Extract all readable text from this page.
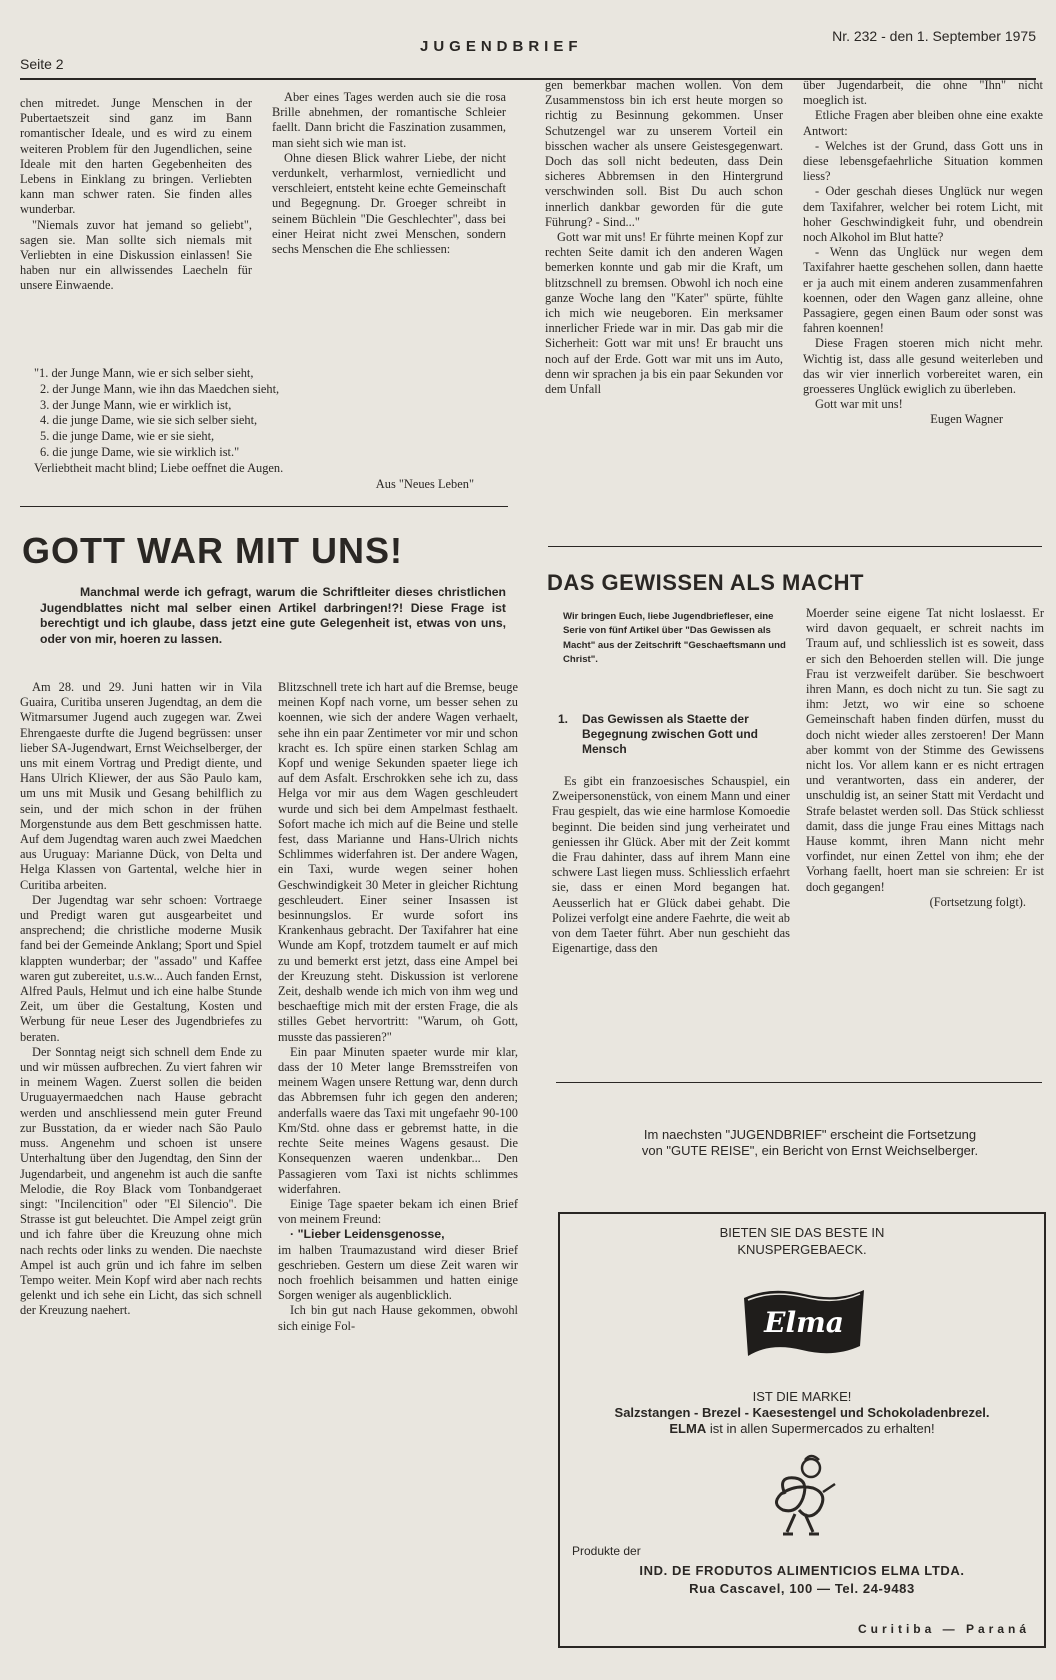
Seite 2
JUGENDBRIEF
Nr. 232 - den 1. September 1975

chen mitredet. Junge Menschen in der Pubertaetszeit sind ganz im Bann romantischer Ideale, und es wird zu einem weiteren Problem für den Jugendlichen, seine Ideale mit den harten Gegebenheiten des Lebens in Einklang zu bringen. Verliebten kann man schwer raten. Sie finden alles wunderbar.

"Niemals zuvor hat jemand so geliebt", sagen sie. Man sollte sich niemals mit Verliebten in eine Diskussion einlassen! Sie haben nur ein allwissendes Laecheln für unsere Einwaende.

Aber eines Tages werden auch sie die rosa Brille abnehmen, der romantische Schleier faellt. Dann bricht die Faszination zusammen, man sieht sich wie man ist.

Ohne diesen Blick wahrer Liebe, der nicht verdunkelt, verharmlost, verniedlicht und verschleiert, entsteht keine echte Gemeinschaft und Begegnung. Dr. Groeger schreibt in seinem Büchlein "Die Geschlechter", dass bei einer Heirat nicht zwei Menschen, sondern sechs Menschen die Ehe schliessen:

"1. der Junge Mann, wie er sich selber sieht,
2. der Junge Mann, wie ihn das Maedchen sieht,
3. der Junge Mann, wie er wirklich ist,
4. die junge Dame, wie sie sich selber sieht,
5. die junge Dame, wie er sie sieht,
6. die junge Dame, wie sie wirklich ist."
Verliebtheit macht blind; Liebe oeffnet die Augen.
Aus "Neues Leben"

gen bemerkbar machen wollen. Von dem Zusammenstoss bin ich erst heute morgen so richtig zu Besinnung gekommen. Unser Schutzengel war zu unserem Vorteil ein bisschen wacher als unsere Geistesgegenwart. Doch das soll nicht bedeuten, dass Dein sicheres Abbremsen in den Hintergrund verschwinden soll. Bist Du auch schon innerlich dankbar geworden für die gute Führung? - Sind..."

Gott war mit uns! Er führte meinen Kopf zur rechten Seite damit ich den anderen Wagen bemerken konnte und gab mir die Kraft, um blitzschnell zu bremsen. Obwohl ich noch eine ganze Woche lang den "Kater" spürte, fühlte ich mich wie neugeboren. Ein merksamer innerlicher Friede war in mir. Das gab mir die Sicherheit: Gott war mit uns! Er braucht uns noch auf der Erde. Gott war mit uns im Auto, denn wir sprachen ja bis ein paar Sekunden vor dem Unfall

über Jugendarbeit, die ohne "Ihn" nicht moeglich ist.

Etliche Fragen aber bleiben ohne eine exakte Antwort:

- Welches ist der Grund, dass Gott uns in diese lebensgefaehrliche Situation kommen liess?

- Oder geschah dieses Unglück nur wegen dem Taxifahrer, welcher bei rotem Licht, mit hoher Geschwindigkeit fuhr, und obendrein noch Alkohol im Blut hatte?

- Wenn das Unglück nur wegen dem Taxifahrer haette geschehen sollen, dann haette er ja auch mit einem anderen zusammenfahren koennen, oder den Wagen ganz alleine, ohne Passagiere, gegen einen Baum oder sonst was fahren koennen!

Diese Fragen stoeren mich nicht mehr. Wichtig ist, dass alle gesund weiterleben und das wir vier innerlich vorbereitet waren, ein groesseres Unglück ewiglich zu überleben.

Gott war mit uns!

Eugen Wagner

GOTT WAR MIT UNS!
Manchmal werde ich gefragt, warum die Schriftleiter dieses christlichen Jugendblattes nicht mal selber einen Artikel darbringen!?! Diese Frage ist berechtigt und ich glaube, dass jetzt eine gute Gelegenheit ist, etwas von uns, oder von mir, hoeren zu lassen.

Am 28. und 29. Juni hatten wir in Vila Guaira, Curitiba unseren Jugendtag, an dem die Witmarsumer Jugend auch zugegen war. Zwei Ehrengaeste durfte die Jugend begrüssen: unser lieber SA-Jugendwart, Ernst Weichselberger, der uns mit einem Vortrag und Predigt diente, und Hans Ulrich Kliewer, der aus São Paulo kam, um uns mit Musik und Gesang behilflich zu sein, und der mich schon in der frühen Morgenstunde aus dem Bett geschmissen hatte. Auf dem Jugendtag waren auch zwei Maedchen aus Uruguay: Marianne Dück, von Delta und Helga Klassen von Gartental, welche hier in Curitiba arbeiten.

Der Jugendtag war sehr schoen: Vortraege und Predigt waren gut ausgearbeitet und ansprechend; die christliche moderne Musik fand bei der Gemeinde Anklang; Sport und Spiel klappten wunderbar; der "assado" und Kaffee waren gut zubereitet, u.s.w... Auch fanden Ernst, Alfred Pauls, Helmut und ich eine halbe Stunde Zeit, um über die Gestaltung, Kosten und Werbung für neue Leser des Jugendbriefes zu beraten.

Der Sonntag neigt sich schnell dem Ende zu und wir müssen aufbrechen. Zu viert fahren wir in meinem Wagen. Zuerst sollen die beiden Uruguayermaedchen nach Hause gebracht werden und anschliessend mein guter Freund zur Busstation, da er wieder nach São Paulo muss. Angenehm und schoen ist unsere Unterhaltung über den Jugendtag, den Sinn der Jugendarbeit, und angenehm ist auch die sanfte Melodie, die Roy Black vom Tonbandgeraet singt: "Incilencition" oder "El Silencio". Die Strasse ist gut beleuchtet. Die Ampel zeigt grün und ich fahre über die Kreuzung ohne mich nach rechts oder links zu wenden. Die naechste Ampel ist auch grün und ich fahre im selben Tempo weiter. Mein Kopf wird aber nach rechts gelenkt und ich sehe ein Licht, das sich schnell der Kreuzung naehert.

Blitzschnell trete ich hart auf die Bremse, beuge meinen Kopf nach vorne, um besser sehen zu koennen, wie sich der andere Wagen verhaelt, sehe ihn ein paar Zentimeter vor mir und schon kracht es. Ich spüre einen starken Schlag am Kopf und wenige Sekunden spaeter liege ich auf dem Asfalt. Erschrokken sehe ich zu, dass Helga vor mir aus dem Wagen geschleudert wurde und sich bei dem Ampelmast festhaelt. Sofort mache ich mich auf die Beine und stelle fest, dass Marianne und Hans-Ulrich nichts Schlimmes widerfahren ist. Der andere Wagen, ein Taxi, wurde wegen seiner hohen Geschwindigkeit 30 Meter in gleicher Richtung geschleudert. Einer seiner Insassen ist besinnungslos. Er wurde sofort ins Krankenhaus gebracht. Der Taxifahrer hat eine Wunde am Kopf, trotzdem taumelt er auf mich zu und bemerkt erst jetzt, dass eine Ampel bei der Kreuzung steht. Diskussion ist verlorene Zeit, deshalb wende ich mich von ihm weg und beschaeftige mich mit der ersten Frage, die als stilles Gebet hervortritt: "Warum, oh Gott, musste das passieren?"

Ein paar Minuten spaeter wurde mir klar, dass der 10 Meter lange Bremsstreifen von meinem Wagen unsere Rettung war, denn durch das Abbremsen fuhr ich gegen den anderen; anderfalls waere das Taxi mit ungefaehr 90-100 Km/Std. ohne dass er gebremst hatte, in die rechte Seite meines Wagens gesaust. Die Konsequenzen waeren undenkbar... Den Passagieren vom Taxi ist nichts schlimmes widerfahren.

Einige Tage spaeter bekam ich einen Brief von meinem Freund:

· "Lieber Leidensgenosse,

im halben Traumazustand wird dieser Brief geschrieben. Gestern um diese Zeit waren wir noch froehlich beisammen und hatten einige Sorgen weniger als augenblicklich.

Ich bin gut nach Hause gekommen, obwohl sich einige Fol-

DAS GEWISSEN ALS MACHT
Wir bringen Euch, liebe Jugendbriefleser, eine Serie von fünf Artikel über "Das Gewissen als Macht" aus der Zeitschrift "Geschaeftsmann und Christ".
1. Das Gewissen als Staette der Begegnung zwischen Gott und Mensch

Es gibt ein franzoesisches Schauspiel, ein Zweipersonenstück, von einem Mann und einer Frau gespielt, das wie eine harmlose Komoedie beginnt. Die beiden sind jung verheiratet und geniessen ihr Glück. Aber mit der Zeit kommt die Frau dahinter, dass auf ihrem Mann eine schwere Last liegen muss. Schliesslich erfaehrt sie, dass er einen Mord begangen hat. Aeusserlich hat er Glück dabei gehabt. Die Polizei verfolgt eine andere Faehrte, die weit ab von dem Taeter führt. Aber nun geschieht das Eigenartige, dass den

Moerder seine eigene Tat nicht loslaesst. Er wird davon gequaelt, er schreit nachts im Traum auf, und schliesslich ist es soweit, dass er sich den Behoerden stellen will. Die junge Frau ist verzweifelt darüber. Sie beschwoert ihren Mann, es doch nicht zu tun. Sie sagt zu ihm: Jetzt, wo wir eine so schoene Gemeinschaft haben finden dürfen, musst du doch nicht wieder alles zerstoeren! Der Mann aber kommt von der Stimme des Gewissens nicht los. Vor allem kann er es nicht ertragen und verantworten, dass ein anderer, der unschuldig ist, an seiner Statt mit Verdacht und Strafe belastet werden soll. Das Stück schliesst damit, dass die junge Frau eines Mittags nach Hause kommt, ihren Mann nicht mehr vorfindet, nur einen Zettel von ihm; ehe der Vorhang faellt, hoert man sie schreien: Er ist doch gegangen!

(Fortsetzung folgt).

Im naechsten "JUGENDBRIEF" erscheint die Fortsetzung
von "GUTE REISE", ein Bericht von Ernst Weichselberger.
BIETEN SIE DAS BESTE IN
KNUSPERGEBAECK.
Elma
IST DIE MARKE!
Salzstangen - Brezel - Kaesestengel und Schokoladenbrezel.
ELMA ist in allen Supermercados zu erhalten!
Produkte der
IND. DE FRODUTOS ALIMENTICIOS ELMA LTDA.
Rua Cascavel, 100 — Tel. 24-9483
Curitiba — Paraná
